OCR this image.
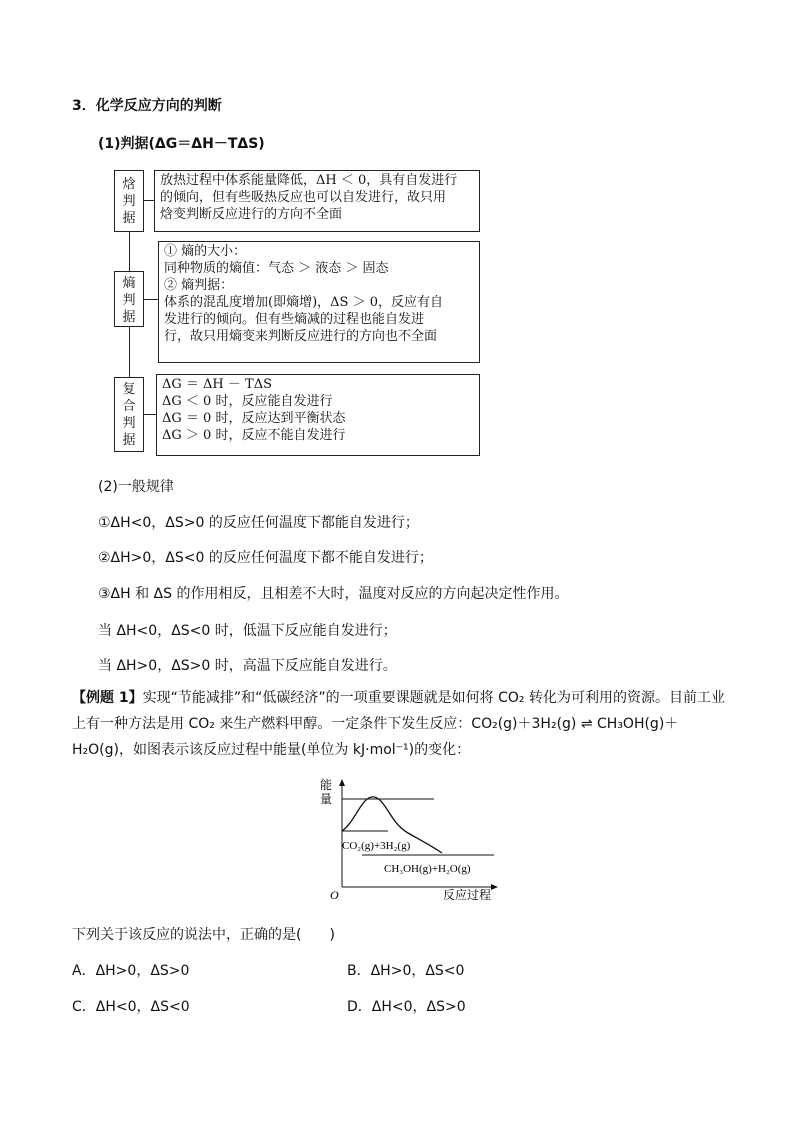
3．化学反应方向的判断
(1)判据(ΔG＝ΔH－TΔS)
焓
判
据
放热过程中体系能量降低，ΔH ＜ 0，具有自发进行
的倾向，但有些吸热反应也可以自发进行，故只用
焓变判断反应进行的方向不全面
熵
判
据
① 熵的大小：
同种物质的熵值：气态 ＞ 液态 ＞ 固态
② 熵判据：
体系的混乱度增加(即熵增)，ΔS ＞ 0，反应有自
发进行的倾向。但有些熵减的过程也能自发进
行，故只用熵变来判断反应进行的方向也不全面
复
合
判
据
ΔG ＝ ΔH － TΔS
ΔG ＜ 0 时，反应能自发进行
ΔG ＝ 0 时，反应达到平衡状态
ΔG ＞ 0 时，反应不能自发进行
(2)一般规律
①ΔH<0，ΔS>0 的反应任何温度下都能自发进行；
②ΔH>0，ΔS<0 的反应任何温度下都不能自发进行；
③ΔH 和 ΔS 的作用相反，且相差不大时，温度对反应的方向起决定性作用。
当 ΔH<0，ΔS<0 时，低温下反应能自发进行；
当 ΔH>0，ΔS>0 时，高温下反应能自发进行。
【例题 1】实现“节能减排”和“低碳经济”的一项重要课题就是如何将 CO₂ 转化为可利用的资源。目前工业上有一种方法是用 CO₂ 来生产燃料甲醇。一定条件下发生反应：CO₂(g)＋3H₂(g) ⇌ CH₃OH(g)＋H₂O(g)，如图表示该反应过程中能量(单位为 kJ·mol⁻¹)的变化：
能
量
O	反应过程
CO₂(g)+3H₂(g)
CH₃OH(g)+H₂O(g)
下列关于该反应的说法中，正确的是(　　)
A．ΔH>0，ΔS>0	B．ΔH>0，ΔS<0
C．ΔH<0，ΔS<0	D．ΔH<0，ΔS>0
